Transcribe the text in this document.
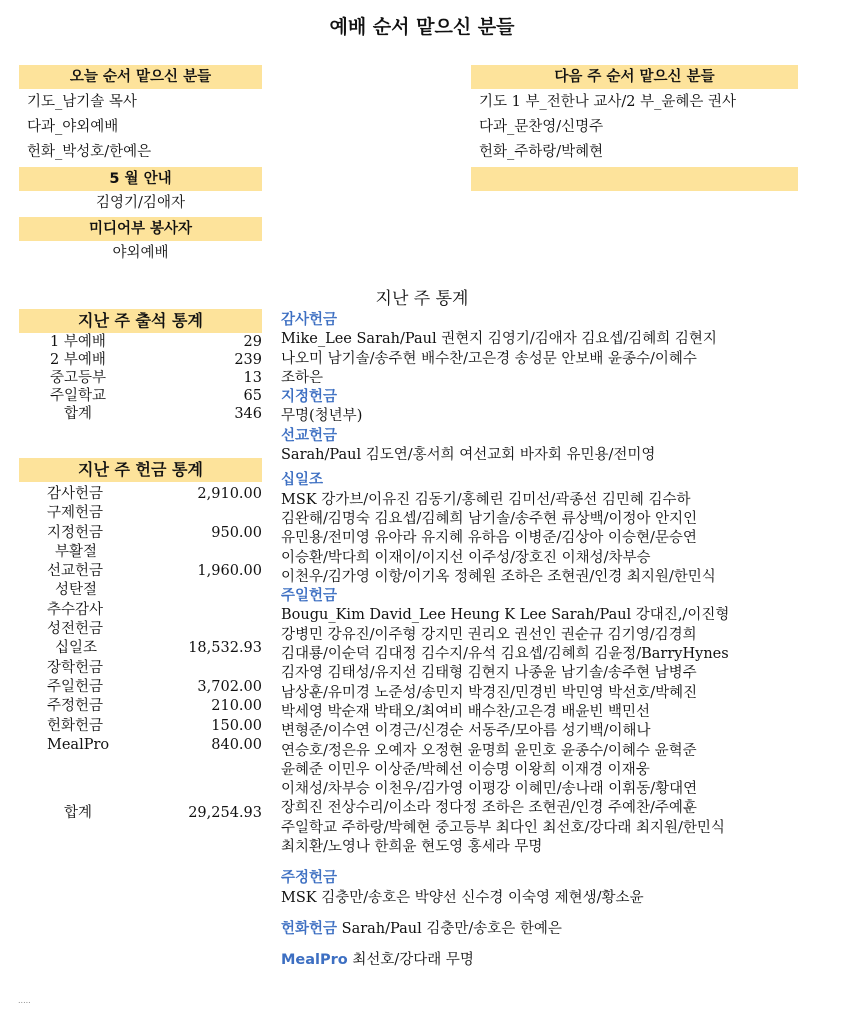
예배 순서 맡으신 분들
오늘 순서 맡으신 분들
기도_남기솔 목사
다과_야외예배
헌화_박성호/한예은
5 월 안내
김영기/김애자
미디어부 봉사자
야외예배
다음 주 순서 맡으신 분들
기도 1 부_전한나 교사/2 부_윤혜은 권사
다과_문찬영/신명주
헌화_주하랑/박혜현
지난 주 통계
지난 주 출석 통계
1 부예배	29
2 부예배	239
중고등부	13
주일학교	65
합계	346
지난 주 헌금 통계
감사헌금	2,910.00
구제헌금
지정헌금	950.00
부활절
선교헌금	1,960.00
성탄절
추수감사
성전헌금
십일조	18,532.93
장학헌금
주일헌금	3,702.00
주정헌금	210.00
헌화헌금	150.00
MealPro	840.00
합계	29,254.93
감사헌금
Mike_Lee Sarah/Paul 권현지 김영기/김애자 김요셉/김혜희 김현지
나오미 남기솔/송주현 배수찬/고은경 송성문 안보배 윤종수/이혜수
조하은
지정헌금
무명(청년부)
선교헌금
Sarah/Paul 김도연/홍서희 여선교회 바자회 유민용/전미영
십일조
MSK 강가브/이유진 김동기/홍혜린 김미선/곽종선 김민혜 김수하
김완해/김명숙 김요셉/김혜희 남기솔/송주현 류상백/이정아 안지인
유민용/전미영 유아라 유지혜 유하음 이병준/김상아 이승현/문승연
이승환/박다희 이재이/이지선 이주성/장호진 이채성/차부승
이천우/김가영 이항/이기옥 정혜원 조하은 조현권/인경 최지원/한민식
주일헌금
Bougu_Kim David_Lee Heung K Lee Sarah/Paul 강대진,/이진형
강병민 강유진/이주형 강지민 권리오 권선인 권순규 김기영/김경희
김대룡/이순덕 김대정 김수지/유석 김요셉/김혜희 김윤정/BarryHynes
김자영 김태성/유지선 김태형 김현지 나종윤 남기솔/송주현 남병주
남상훈/유미경 노준성/송민지 박경진/민경빈 박민영 박선호/박혜진
박세영 박순재 박태오/최여비 배수찬/고은경 배윤빈 백민선
변형준/이수연 이경근/신경순 서동주/모아름 성기백/이해나
연승호/정은유 오예자 오정현 윤명희 윤민호 윤종수/이혜수 윤혁준
윤혜준 이민우 이상준/박혜선 이승명 이왕희 이재경 이재웅
이채성/차부승 이천우/김가영 이평강 이혜민/송나래 이휘동/황대연
장희진 전상수리/이소라 정다정 조하은 조현권/인경 주예찬/주예훈
주일학교 주하랑/박혜현 중고등부 최다인 최선호/강다래 최지원/한민식
최치환/노영나 한희윤 현도영 홍세라 무명
주정헌금
MSK 김충만/송호은 박양선 신수경 이숙영 제현생/황소윤
헌화헌금 Sarah/Paul 김충만/송호은 한예은
MealPro 최선호/강다래 무명
.....
